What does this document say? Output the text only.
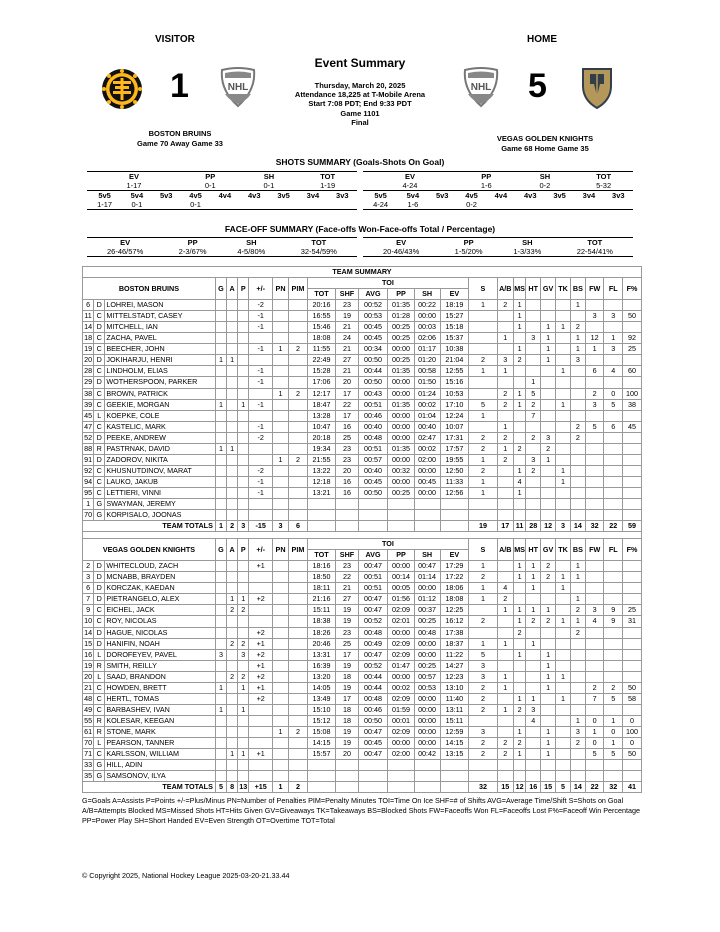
VISITOR	HOME
Event Summary
Thursday, March 20, 2025
Attendance 18,225 at T-Mobile Arena
Start 7:08 PDT; End 9:33 PDT
Game 1101
Final
1	NHL	NHL 5
BOSTON BRUINS
Game 70 Away Game 33	VEGAS GOLDEN KNIGHTS
Game 68 Home Game 35
SHOTS SUMMARY (Goals-Shots On Goal)
EV			PP		SH		TOT	
1-17			0-1		0-1		1-19	
5v5	5v4	5v3	4v5	4v4	4v3	3v5	3v4	3v3
1-17	0-1		0-1					
EV			PP		SH		TOT	
4-24			1-6		0-2		5-32	
5v5	5v4	5v3	4v5	4v4	4v3	3v5	3v4	3v3
4-24	1-6		0-2					
FACE-OFF SUMMARY (Face-offs Won-Face-offs Total / Percentage)
EV	PP	SH	TOT
26-46/57%	2-3/67%	4-5/80%	32-54/59%
EV	PP	SH	TOT
20-46/43%	1-5/20%	1-3/33%	22-54/41%
TEAM SUMMARY																								
BOSTON BRUINS			G	A	P	+/-	PN	PIM	TOI						S	A/B	MS	HT	GV	TK	BS	FW	FL	F%
									TOT	SHF	AVG	PP	SH	EV										
6	D	LOHREI, MASON				-2			20:16	23	00:52	01:35	00:22	18:19	1	2	1				1			
11	C	MITTELSTADT, CASEY				-1			16:55	19	00:53	01:28	00:00	15:27			1					3	3	50
14	D	MITCHELL, IAN				-1			15:46	21	00:45	00:25	00:03	15:18			1		1	1	2			
18	C	ZACHA, PAVEL							18:08	24	00:45	00:25	02:06	15:37		1		3	1		1	12	1	92
19	C	BEECHER, JOHN				-1	1	2	11:55	21	00:34	00:00	01:17	10:38			1		1		1	1	3	25
20	D	JOKIHARJU, HENRI	1	1					22:49	27	00:50	00:25	01:20	21:04	2	3	2		1		3			
28	C	LINDHOLM, ELIAS				-1			15:28	21	00:44	01:35	00:58	12:55	1	1				1		6	4	60
29	D	WOTHERSPOON, PARKER				-1			17:06	20	00:50	00:00	01:50	15:16				1						
38	C	BROWN, PATRICK					1	2	12:17	17	00:43	00:00	01:24	10:53		2	1	5				2	0	100
39	C	GEEKIE, MORGAN	1		1	-1			18:47	22	00:51	01:35	00:02	17:10	5	2	1	2		1		3	5	38
45	L	KOEPKE, COLE							13:28	17	00:46	00:00	01:04	12:24	1			7						
47	C	KASTELIC, MARK				-1			10:47	16	00:40	00:00	00:40	10:07		1					2	5	6	45
52	D	PEEKE, ANDREW				-2			20:18	25	00:48	00:00	02:47	17:31	2	2		2	3		2			
88	R	PASTRNAK, DAVID	1	1					19:34	23	00:51	01:35	00:02	17:57	2	1	2		2					
91	D	ZADOROV, NIKITA					1	2	21:55	23	00:57	00:00	02:00	19:55	1	2		3	1					
92	C	KHUSNUTDINOV, MARAT				-2			13:22	20	00:40	00:32	00:00	12:50	2		1	2		1				
94	C	LAUKO, JAKUB				-1			12:18	16	00:45	00:00	00:45	11:33	1		4			1				
95	C	LETTIERI, VINNI				-1			13:21	16	00:50	00:25	00:00	12:56	1		1							
1	G	SWAYMAN, JEREMY																						
70	G	KORPISALO, JOONAS																						
TEAM TOTALS			1	2	3	-15	3	6							19	17	11	28	12	3	14	32	22	59

VEGAS GOLDEN KNIGHTS			G	A	P	+/-	PN	PIM	TOI						S	A/B	MS	HT	GV	TK	BS	FW	FL	F%
									TOT	SHF	AVG	PP	SH	EV										
2	D	WHITECLOUD, ZACH				+1			18:16	23	00:47	00:00	00:47	17:29	1		1	1	2		1			
3	D	MCNABB, BRAYDEN							18:50	22	00:51	00:14	01:14	17:22	2		1	1	2	1	1			
6	D	KORCZAK, KAEDAN							18:11	21	00:51	00:05	00:00	18:06	1	4		1		1				
7	D	PIETRANGELO, ALEX		1	1	+2			21:16	27	00:47	01:56	01:12	18:08	1	2					1			
9	C	EICHEL, JACK		2	2				15:11	19	00:47	02:09	00:37	12:25		1	1	1	1		2	3	9	25
10	C	ROY, NICOLAS							18:38	19	00:52	02:01	00:25	16:12	2		1	2	2	1	1	4	9	31
14	D	HAGUE, NICOLAS				+2			18:26	23	00:48	00:00	00:48	17:38			2				2			
15	D	HANIFIN, NOAH		2	2	+1			20:46	25	00:49	02:09	00:00	18:37	1	1		1						
16	L	DOROFEYEV, PAVEL	3		3	+2			13:31	17	00:47	02:09	00:00	11:22	5		1		1					
19	R	SMITH, REILLY				+1			16:39	19	00:52	01:47	00:25	14:27	3				1					
20	L	SAAD, BRANDON		2	2	+2			13:20	18	00:44	00:00	00:57	12:23	3	1			1	1				
21	C	HOWDEN, BRETT	1		1	+1			14:05	19	00:44	00:02	00:53	13:10	2	1			1			2	2	50
48	C	HERTL, TOMAS				+2			13:49	17	00:48	02:09	00:00	11:40	2		1	1		1		7	5	58
49	C	BARBASHEV, IVAN	1		1				15:10	18	00:46	01:59	00:00	13:11	2	1	2	3						
55	R	KOLESAR, KEEGAN							15:12	18	00:50	00:01	00:00	15:11				4			1	0	1	0
61	R	STONE, MARK					1	2	15:08	19	00:47	02:09	00:00	12:59	3		1		1		3	1	0	100
70	L	PEARSON, TANNER							14:15	19	00:45	00:00	00:00	14:15	2	2	2		1		2	0	1	0
71	C	KARLSSON, WILLIAM		1	1	+1			15:57	20	00:47	02:00	00:42	13:15	2	2	1		1			5	5	50
33	G	HILL, ADIN																						
35	G	SAMSONOV, ILYA																						
TEAM TOTALS			5	8	13	+15	1	2							32	15	12	16	15	5	14	22	32	41
G=Goals A=Assists P=Points +/-=Plus/Minus PN=Number of Penalties PIM=Penalty Minutes TOI=Time On Ice SHF=# of Shifts AVG=Average Time/Shift S=Shots on Goal A/B=Attempts Blocked MS=Missed Shots HT=Hits Given GV=Giveaways TK=Takeaways BS=Blocked Shots FW=Faceoffs Won FL=Faceoffs Lost F%=Faceoff Win Percentage PP=Power Play SH=Short Handed EV=Even Strength OT=Overtime TOT=Total
© Copyright 2025, National Hockey League 2025-03-20-21.33.44
